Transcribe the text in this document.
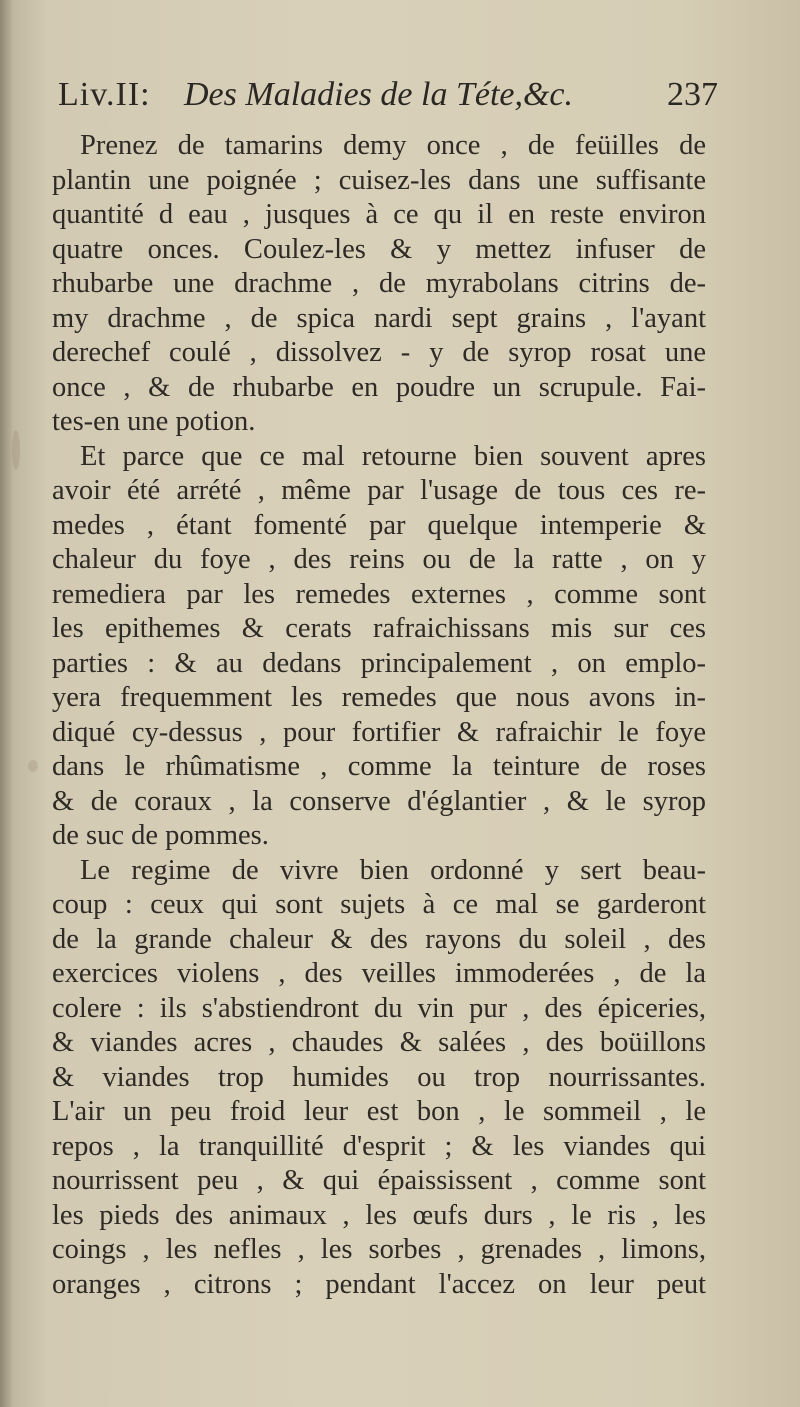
Liv.II: Des Maladies de la Téte,&c.	237
Prenez de tamarins demy once , de feüilles de
plantin une poignée ; cuisez-les dans une suffisante
quantité d eau , jusques à ce qu il en reste environ
quatre onces. Coulez-les & y mettez infuser de
rhubarbe une drachme , de myrabolans citrins de-
my drachme , de spica nardi sept grains , l'ayant
derechef coulé , dissolvez - y de syrop rosat une
once , & de rhubarbe en poudre un scrupule. Fai-
tes-en une potion.
Et parce que ce mal retourne bien souvent apres
avoir été arrété , même par l'usage de tous ces re-
medes , étant fomenté par quelque intemperie &
chaleur du foye , des reins ou de la ratte , on y
remediera par les remedes externes , comme sont
les epithemes & cerats rafraichissans mis sur ces
parties : & au dedans principalement , on emplo-
yera frequemment les remedes que nous avons in-
diqué cy-dessus , pour fortifier & rafraichir le foye
dans le rhûmatisme , comme la teinture de roses
& de coraux , la conserve d'églantier , & le syrop
de suc de pommes.
Le regime de vivre bien ordonné y sert beau-
coup : ceux qui sont sujets à ce mal se garderont
de la grande chaleur & des rayons du soleil , des
exercices violens , des veilles immoderées , de la
colere : ils s'abstiendront du vin pur , des épiceries,
& viandes acres , chaudes & salées , des boüillons
& viandes trop humides ou trop nourrissantes.
L'air un peu froid leur est bon , le sommeil , le
repos , la tranquillité d'esprit ; & les viandes qui
nourrissent peu , & qui épaississent , comme sont
les pieds des animaux , les œufs durs , le ris , les
coings , les nefles , les sorbes , grenades , limons,
oranges , citrons ; pendant l'accez on leur peut
